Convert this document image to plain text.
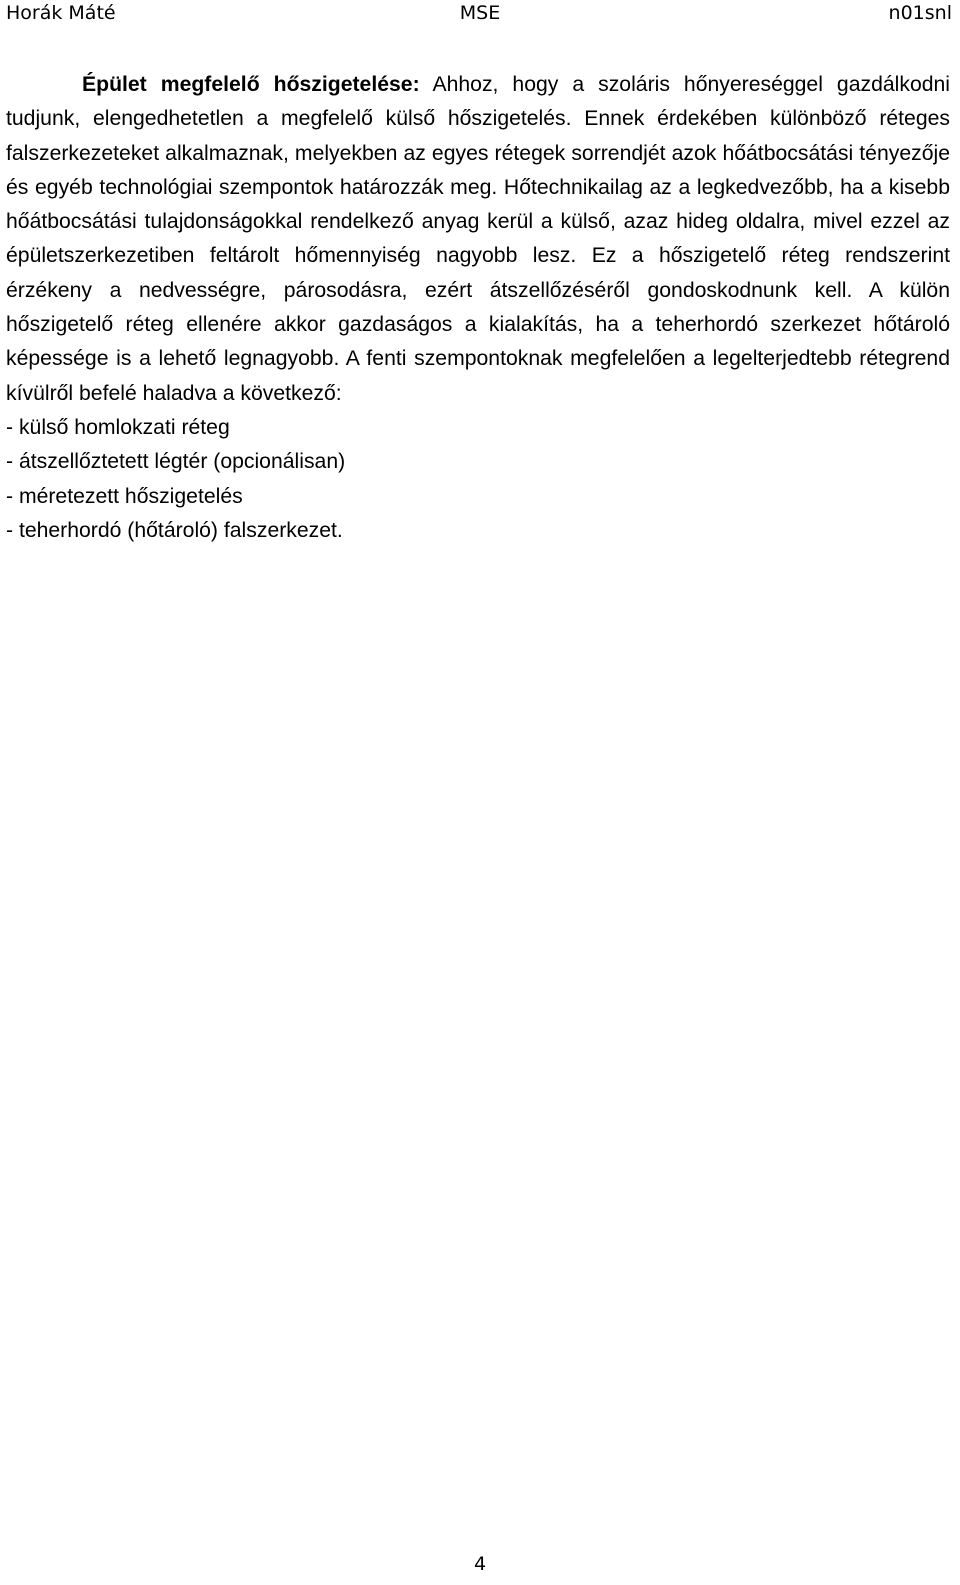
Horák Máté	MSE	n01snl

Épület megfelelő hőszigetelése: Ahhoz, hogy a szoláris hőnyereséggel gazdálkodni tudjunk, elengedhetetlen a megfelelő külső hőszigetelés. Ennek érdekében különböző réteges falszerkezeteket alkalmaznak, melyekben az egyes rétegek sorrendjét azok hőátbocsátási tényezője és egyéb technológiai szempontok határozzák meg. Hőtechnikailag az a legkedvezőbb, ha a kisebb hőátbocsátási tulajdonságokkal rendelkező anyag kerül a külső, azaz hideg oldalra, mivel ezzel az épületszerkezetiben feltárolt hőmennyiség nagyobb lesz. Ez a hőszigetelő réteg rendszerint érzékeny a nedvességre, párosodásra, ezért átszellőzéséről gondoskodnunk kell. A külön hőszigetelő réteg ellenére akkor gazdaságos a kialakítás, ha a teherhordó szerkezet hőtároló képessége is a lehető legnagyobb. A fenti szempontoknak megfelelően a legelterjedtebb rétegrend kívülről befelé haladva a következő:

- külső homlokzati réteg
- átszellőztetett légtér (opcionálisan)
- méretezett hőszigetelés
- teherhordó (hőtároló) falszerkezet.
4
